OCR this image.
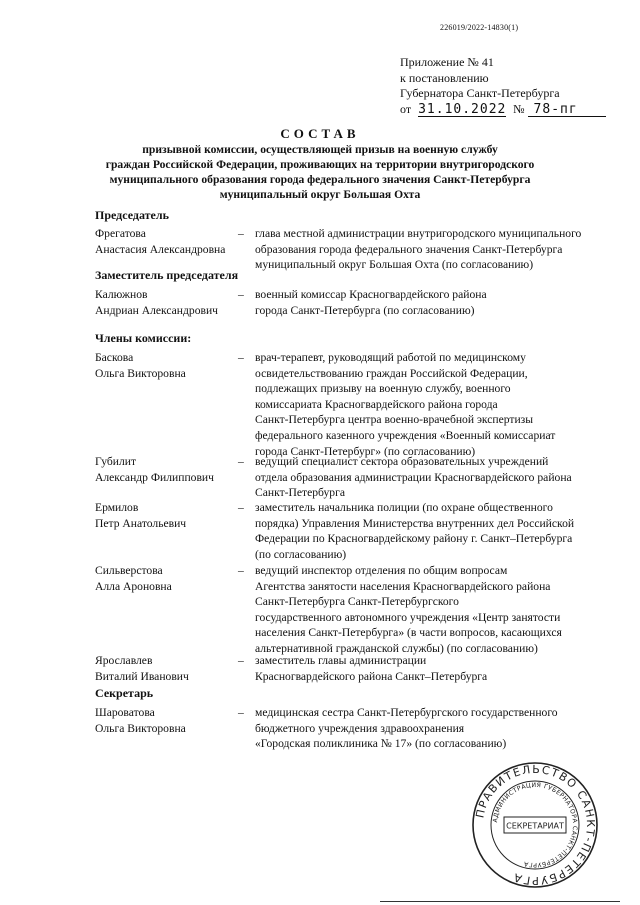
226019/2022-14830(1)
Приложение № 41
к постановлению
Губернатора Санкт-Петербурга
от 31.10.2022 № 78-пг
СОСТАВ
призывной комиссии, осуществляющей призыв на военную службу
граждан Российской Федерации, проживающих на территории внутригородского
муниципального образования города федерального значения Санкт-Петербурга
муниципальный округ Большая Охта
Председатель
Фрегатова
Анастасия Александровна
– глава местной администрации внутригородского муниципального
образования города федерального значения Санкт-Петербурга
муниципальный округ Большая Охта (по согласованию)
Заместитель председателя
Калюжнов
Андриан Александрович
– военный комиссар Красногвардейского района
города Санкт-Петербурга (по согласованию)
Члены комиссии:
Баскова
Ольга Викторовна
– врач-терапевт, руководящий работой по медицинскому
освидетельствованию граждан Российской Федерации,
подлежащих призыву на военную службу, военного
комиссариата Красногвардейского района города
Санкт-Петербурга центра военно-врачебной экспертизы
федерального казенного учреждения «Военный комиссариат
города Санкт-Петербург» (по согласованию)
Губилит
Александр Филиппович
– ведущий специалист сектора образовательных учреждений
отдела образования администрации Красногвардейского района
Санкт-Петербурга
Ермилов
Петр Анатольевич
– заместитель начальника полиции (по охране общественного
порядка) Управления Министерства внутренних дел Российской
Федерации по Красногвардейскому району г. Санкт–Петербурга
(по согласованию)
Сильверстова
Алла Ароновна
– ведущий инспектор отделения по общим вопросам
Агентства занятости населения Красногвардейского района
Санкт-Петербурга Санкт-Петербургского
государственного автономного учреждения «Центр занятости
населения Санкт-Петербурга» (в части вопросов, касающихся
альтернативной гражданской службы) (по согласованию)
Ярославлев
Виталий Иванович
– заместитель главы администрации
Красногвардейского района Санкт–Петербурга
Секретарь
Шароватова
Ольга Викторовна
– медицинская сестра Санкт-Петербургского государственного
бюджетного учреждения здравоохранения
«Городская поликлиника № 17» (по согласованию)
ПРАВИТЕЛЬСТВО САНКТ-ПЕТЕРБУРГА
АДМИНИСТРАЦИЯ ГУБЕРНАТОРА САНКТ-ПЕТЕРБУРГА
СЕКРЕТАРИАТ
